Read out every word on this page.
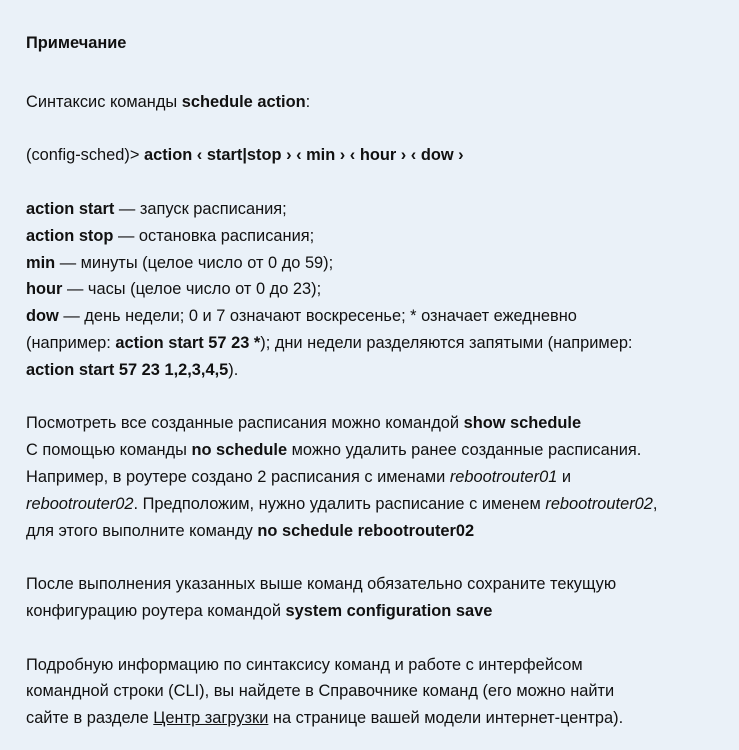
Примечание
Синтаксис команды schedule action:
(config-sched)> action ‹ start|stop › ‹ min › ‹ hour › ‹ dow ›
action start — запуск расписания;
action stop — остановка расписания;
min — минуты (целое число от 0 до 59);
hour — часы (целое число от 0 до 23);
dow — день недели; 0 и 7 означают воскресенье; * означает ежедневно
(например: action start 57 23 *); дни недели разделяются запятыми (например:
action start 57 23 1,2,3,4,5).
Посмотреть все созданные расписания можно командой show schedule
С помощью команды no schedule можно удалить ранее созданные расписания.
Например, в роутере создано 2 расписания с именами rebootrouter01 и
rebootrouter02. Предположим, нужно удалить расписание с именем rebootrouter02,
для этого выполните команду no schedule rebootrouter02
После выполнения указанных выше команд обязательно сохраните текущую
конфигурацию роутера командой system configuration save
Подробную информацию по синтаксису команд и работе с интерфейсом
командной строки (CLI), вы найдете в Справочнике команд (его можно найти
сайте в разделе Центр загрузки на странице вашей модели интернет-центра).
